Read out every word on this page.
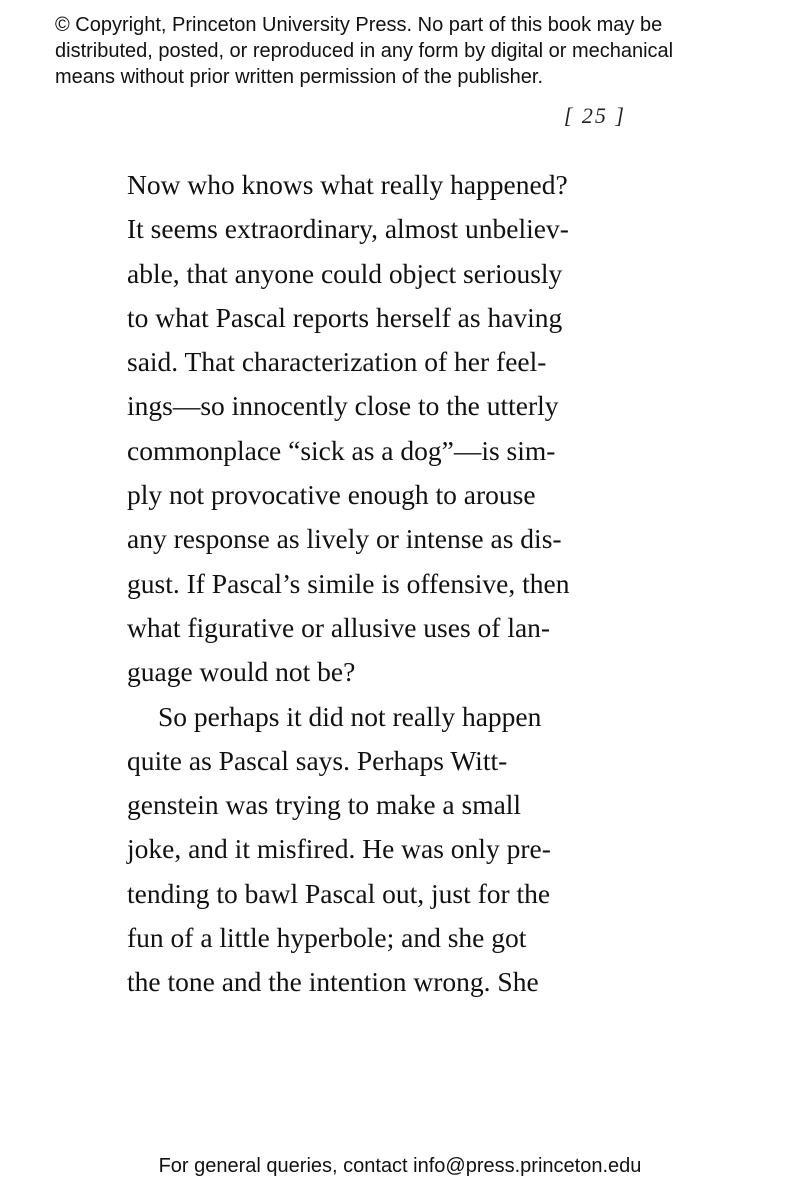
© Copyright, Princeton University Press. No part of this book may be
distributed, posted, or reproduced in any form by digital or mechanical
means without prior written permission of the publisher.
[ 25 ]
Now who knows what really happened?
It seems extraordinary, almost unbeliev-
able, that anyone could object seriously
to what Pascal reports herself as having
said. That characterization of her feel-
ings—so innocently close to the utterly
commonplace “sick as a dog”—is sim-
ply not provocative enough to arouse
any response as lively or intense as dis-
gust. If Pascal’s simile is offensive, then
what figurative or allusive uses of lan-
guage would not be?
So perhaps it did not really happen
quite as Pascal says. Perhaps Witt-
genstein was trying to make a small
joke, and it misfired. He was only pre-
tending to bawl Pascal out, just for the
fun of a little hyperbole; and she got
the tone and the intention wrong. She
For general queries, contact info@press.princeton.edu
